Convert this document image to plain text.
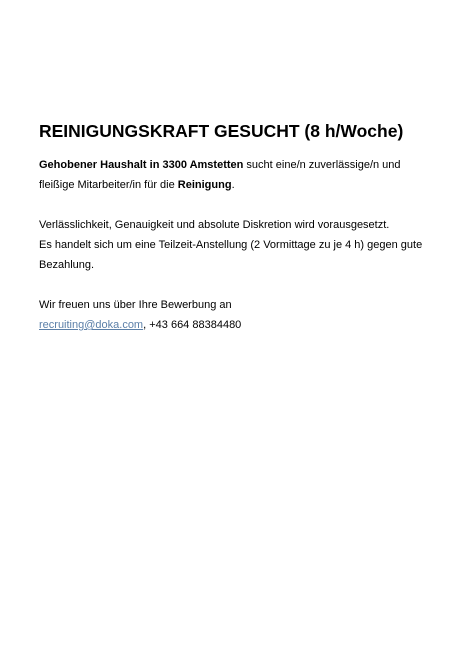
REINIGUNGSKRAFT GESUCHT (8 h/Woche)

Gehobener Haushalt in 3300 Amstetten sucht eine/n zuverlässige/n und fleißige Mitarbeiter/in für die Reinigung.

Verlässlichkeit, Genauigkeit und absolute Diskretion wird vorausgesetzt.

Es handelt sich um eine Teilzeit-Anstellung (2 Vormittage zu je 4 h) gegen gute Bezahlung.

Wir freuen uns über Ihre Bewerbung an

recruiting@doka.com, +43 664 88384480
